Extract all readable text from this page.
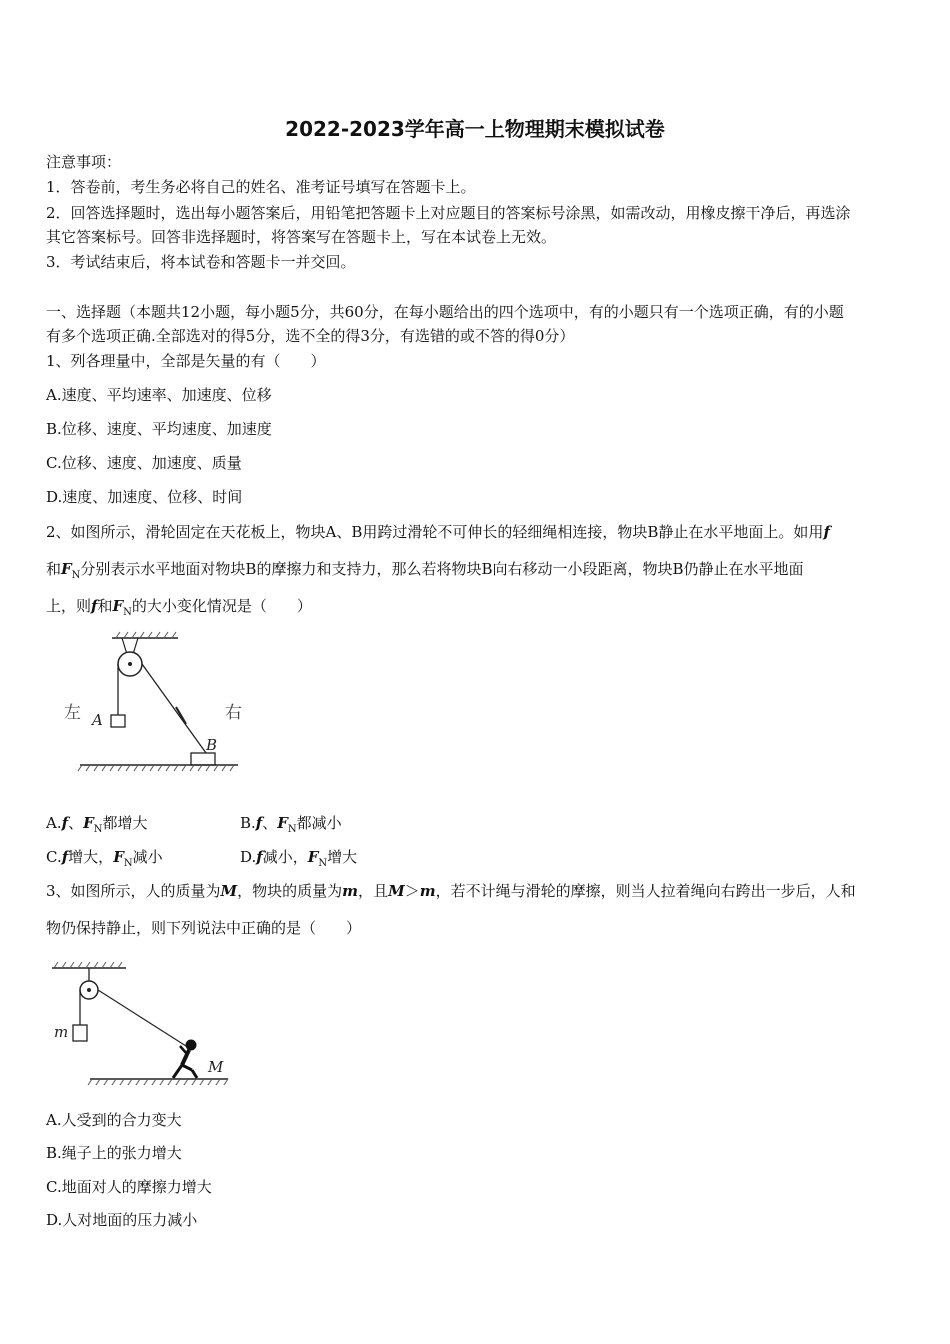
2022-2023学年高一上物理期末模拟试卷
注意事项：
1．答卷前，考生务必将自己的姓名、准考证号填写在答题卡上。
2．回答选择题时，选出每小题答案后，用铅笔把答题卡上对应题目的答案标号涂黑，如需改动，用橡皮擦干净后，再选涂
其它答案标号。回答非选择题时，将答案写在答题卡上，写在本试卷上无效。
3．考试结束后，将本试卷和答题卡一并交回。
一、选择题（本题共12小题，每小题5分，共60分，在每小题给出的四个选项中，有的小题只有一个选项正确，有的小题
有多个选项正确.全部选对的得5分，选不全的得3分，有选错的或不答的得0分）
1、列各理量中，全部是矢量的有（　　）
A.速度、平均速率、加速度、位移
B.位移、速度、平均速度、加速度
C.位移、速度、加速度、质量
D.速度、加速度、位移、时间
2、如图所示，滑轮固定在天花板上，物块A、B用跨过滑轮不可伸长的轻细绳相连接，物块B静止在水平地面上。如用f
和$F_N$分别表示水平地面对物块B的摩擦力和支持力，那么若将物块B向右移动一小段距离，物块B仍静止在水平地面
上，则f和$F_N$的大小变化情况是（　　）
左	右
A
B
A.f、$F_N$都增大	B.f、$F_N$都减小
C.f增大，$F_N$减小	D.f减小，$F_N$增大
3、如图所示，人的质量为M，物块的质量为m，且M＞m，若不计绳与滑轮的摩擦，则当人拉着绳向右跨出一步后，人和
物仍保持静止，则下列说法中正确的是（　　）
m
M
A.人受到的合力变大
B.绳子上的张力增大
C.地面对人的摩擦力增大
D.人对地面的压力减小
